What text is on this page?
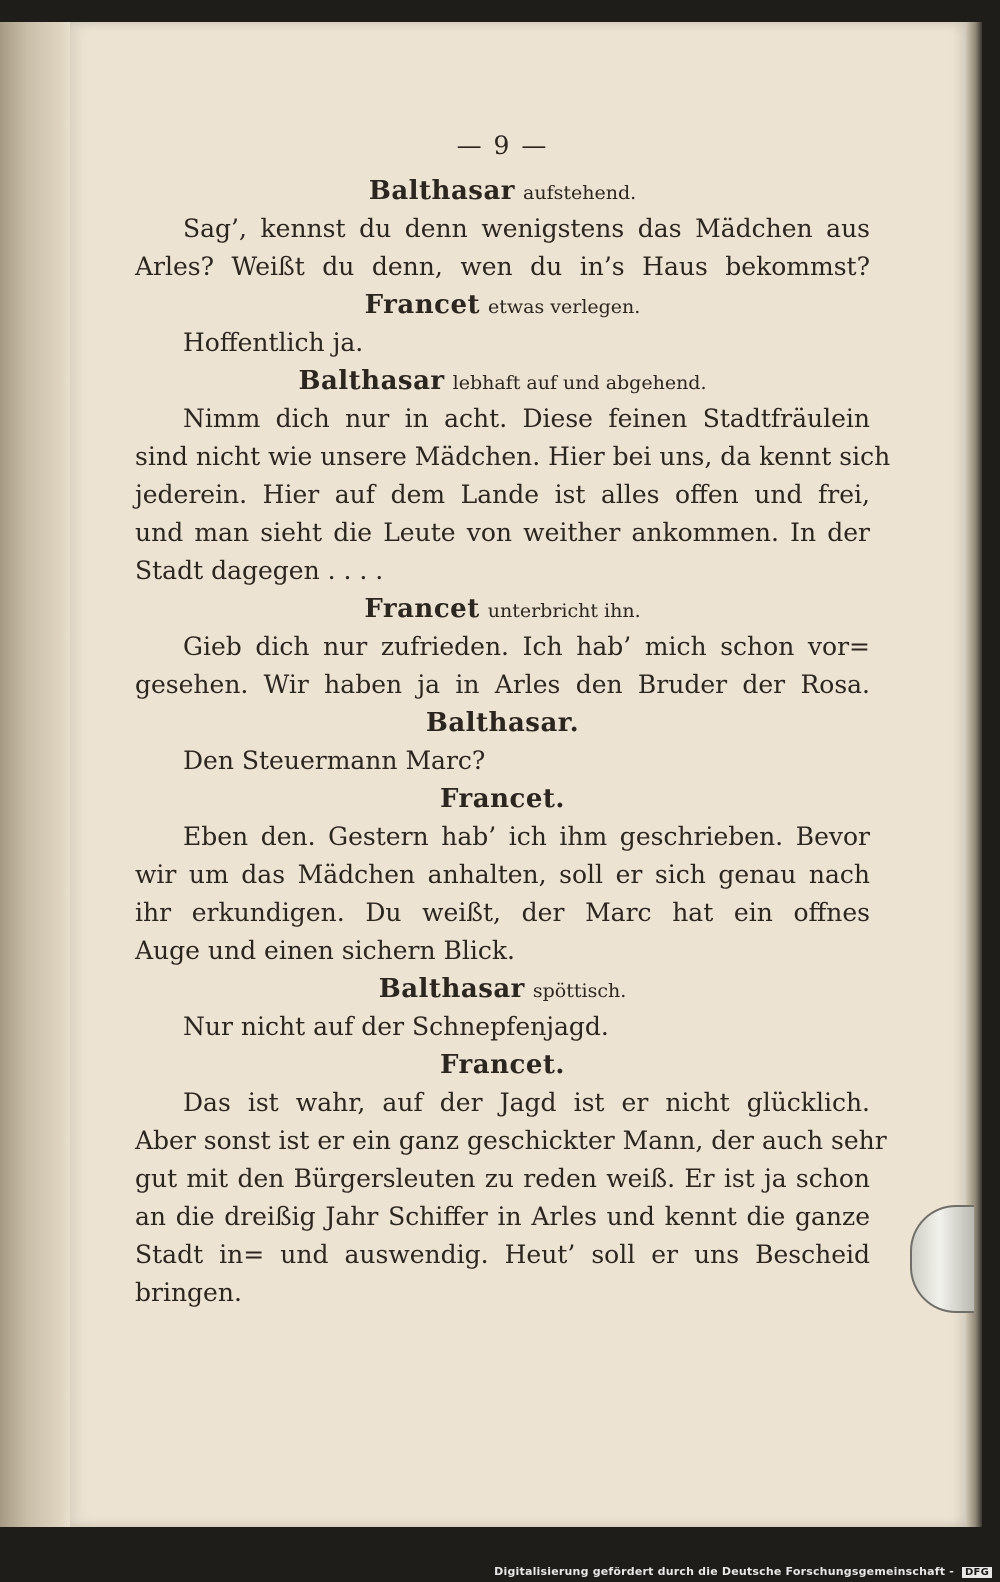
— 9 —
Balthasar aufstehend.
Sag’, kennst du denn wenigstens das Mädchen aus
Arles? Weißt du denn, wen du in’s Haus bekommst?
Francet etwas verlegen.
Hoffentlich ja.
Balthasar lebhaft auf und abgehend.
Nimm dich nur in acht. Diese feinen Stadtfräulein
sind nicht wie unsere Mädchen. Hier bei uns, da kennt sich
jederein. Hier auf dem Lande ist alles offen und frei,
und man sieht die Leute von weither ankommen. In der
Stadt dagegen . . . .
Francet unterbricht ihn.
Gieb dich nur zufrieden. Ich hab’ mich schon vor=
gesehen. Wir haben ja in Arles den Bruder der Rosa.
Balthasar.
Den Steuermann Marc?
Francet.
Eben den. Gestern hab’ ich ihm geschrieben. Bevor
wir um das Mädchen anhalten, soll er sich genau nach
ihr erkundigen. Du weißt, der Marc hat ein offnes
Auge und einen sichern Blick.
Balthasar spöttisch.
Nur nicht auf der Schnepfenjagd.
Francet.
Das ist wahr, auf der Jagd ist er nicht glücklich.
Aber sonst ist er ein ganz geschickter Mann, der auch sehr
gut mit den Bürgersleuten zu reden weiß. Er ist ja schon
an die dreißig Jahr Schiffer in Arles und kennt die ganze
Stadt in= und auswendig. Heut’ soll er uns Bescheid
bringen.
Digitalisierung gefördert durch die Deutsche Forschungsgemeinschaft - DFG
